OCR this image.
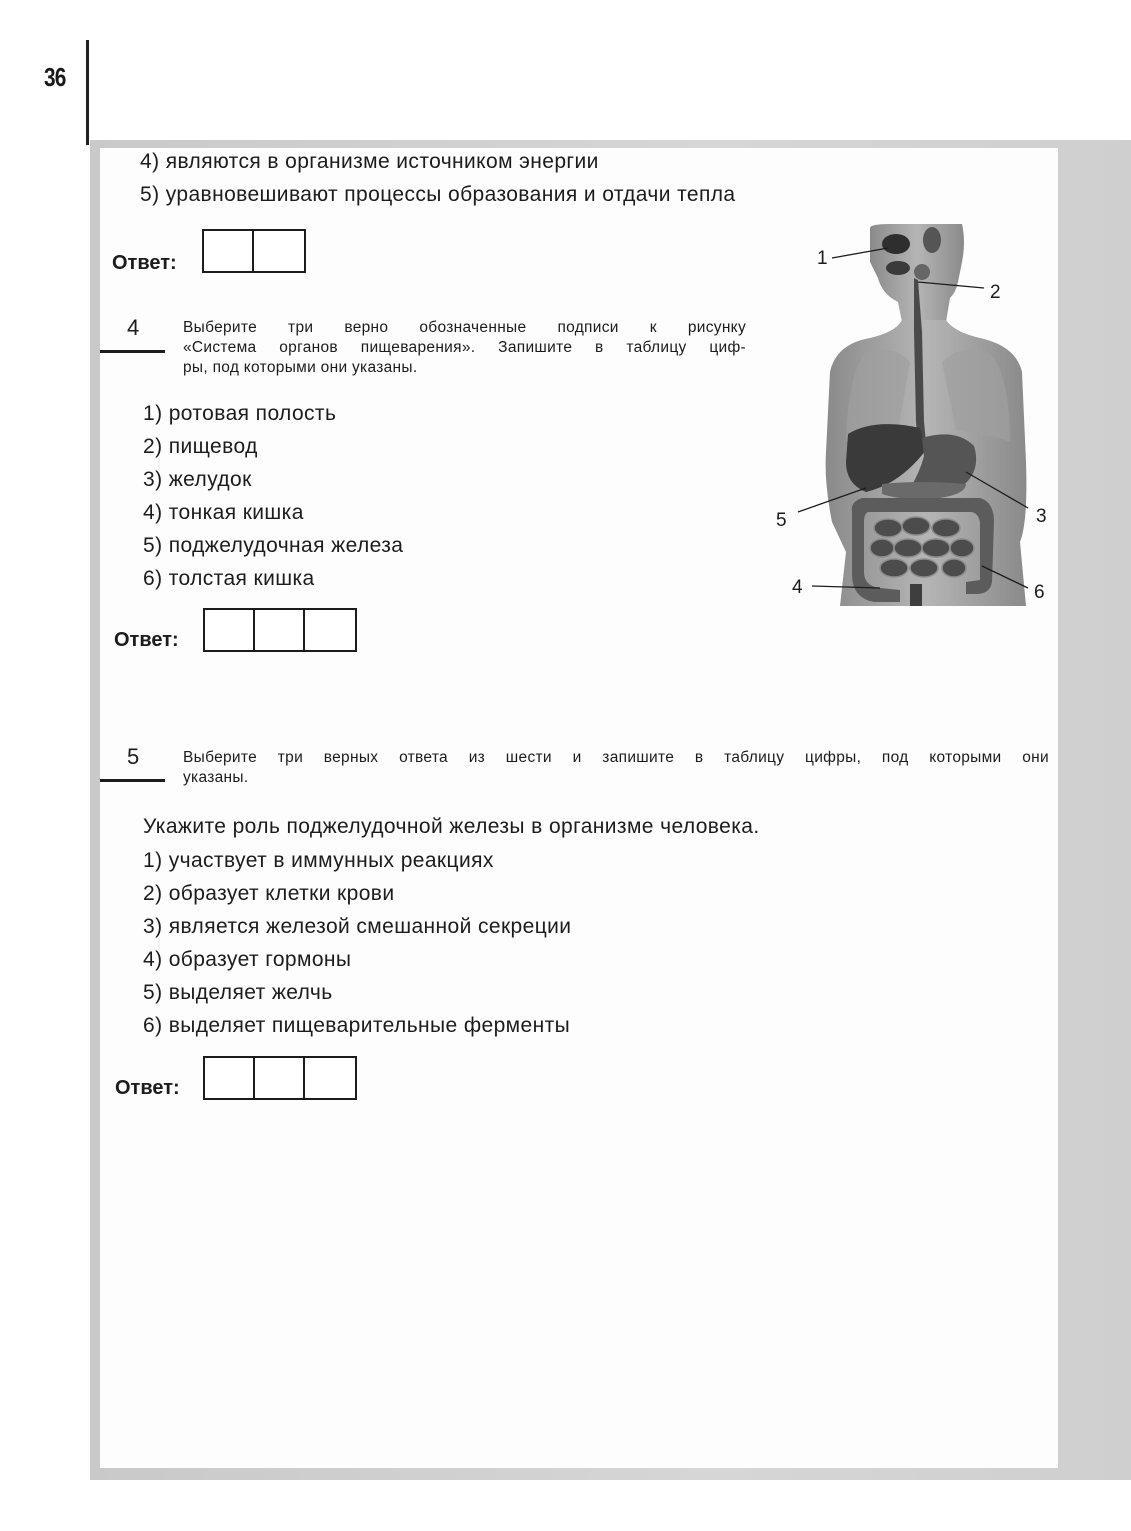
36
4) являются в организме источником энергии
5) уравновешивают процессы образования и отдачи тепла
Ответ:
4	Выберите три верно обозначенные подписи к рисунку
«Система органов пищеварения». Запишите в таблицу циф-
ры, под которыми они указаны.
1) ротовая полость
2) пищевод
3) желудок
4) тонкая кишка
5) поджелудочная железа
6) толстая кишка
Ответ:
1
2
3
4
5
6
5	Выберите три верных ответа из шести и запишите в таблицу цифры, под которыми они
указаны.
Укажите роль поджелудочной железы в организме человека.
1) участвует в иммунных реакциях
2) образует клетки крови
3) является железой смешанной секреции
4) образует гормоны
5) выделяет желчь
6) выделяет пищеварительные ферменты
Ответ:
